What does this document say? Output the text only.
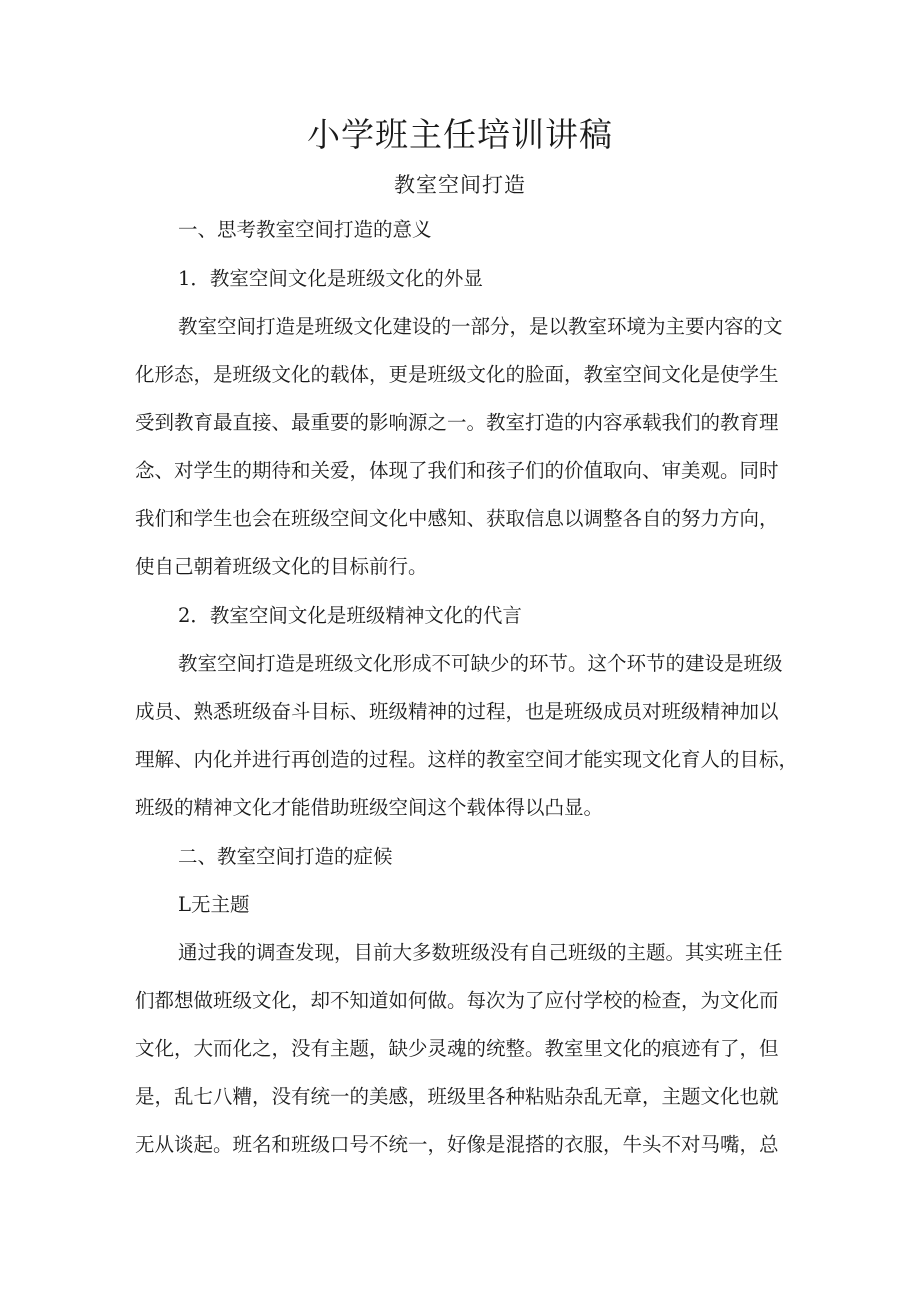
小学班主任培训讲稿
教室空间打造
一、思考教室空间打造的意义
1．教室空间文化是班级文化的外显
教室空间打造是班级文化建设的一部分，是以教室环境为主要内容的文
化形态，是班级文化的载体，更是班级文化的脸面，教室空间文化是使学生
受到教育最直接、最重要的影响源之一。教室打造的内容承载我们的教育理
念、对学生的期待和关爱，体现了我们和孩子们的价值取向、审美观。同时
我们和学生也会在班级空间文化中感知、获取信息以调整各自的努力方向，
使自己朝着班级文化的目标前行。
2．教室空间文化是班级精神文化的代言
教室空间打造是班级文化形成不可缺少的环节。这个环节的建设是班级
成员、熟悉班级奋斗目标、班级精神的过程，也是班级成员对班级精神加以
理解、内化并进行再创造的过程。这样的教室空间才能实现文化育人的目标，
班级的精神文化才能借助班级空间这个载体得以凸显。
二、教室空间打造的症候
L无主题
通过我的调查发现，目前大多数班级没有自己班级的主题。其实班主任
们都想做班级文化，却不知道如何做。每次为了应付学校的检查，为文化而
文化，大而化之，没有主题，缺少灵魂的统整。教室里文化的痕迹有了，但
是，乱七八糟，没有统一的美感，班级里各种粘贴杂乱无章，主题文化也就
无从谈起。班名和班级口号不统一，好像是混搭的衣服，牛头不对马嘴，总
